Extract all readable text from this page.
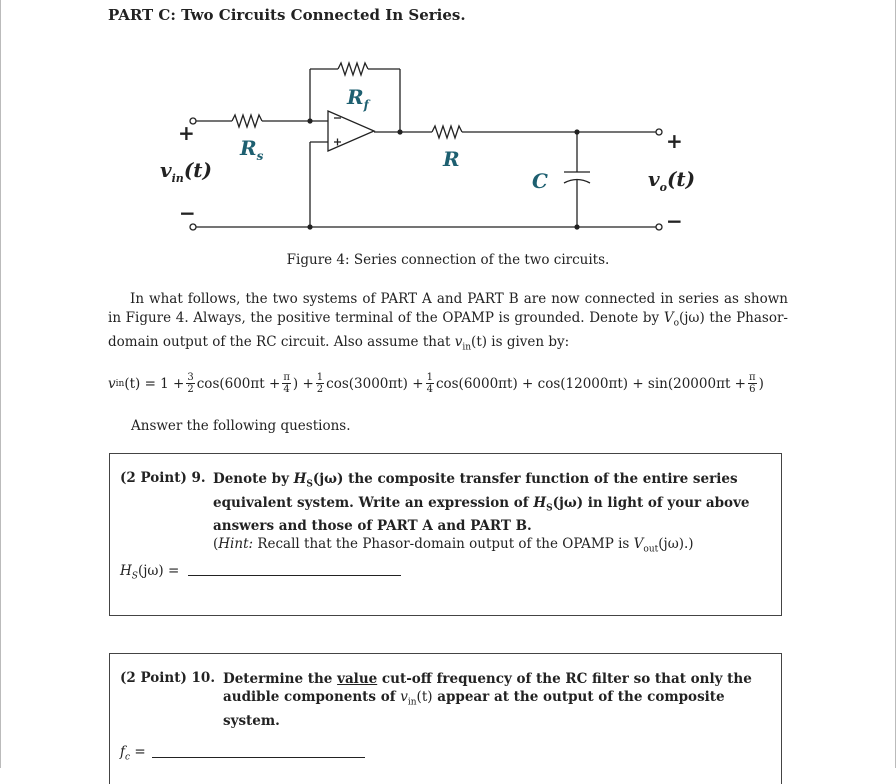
PART C: Two Circuits Connected In Series.
$R_f$
$R_s$	R
C
$v_{in}(t)$	$v_o(t)$
+
−
+
−
Figure 4: Series connection of the two circuits.
In what follows, the two systems of PART A and PART B are now connected in series as shown in Figure 4. Always, the positive terminal of the OPAMP is grounded. Denote by $V_o(j\omega)$ the Phasor-domain output of the RC circuit. Also assume that $v_{in}(t)$ is given by:
v in $(t) = 1 + \frac{3}{2} \cos(600\pi t + \frac{\pi}{4}$ ) + $\frac{1}{2} \cos(3000\pi t) + \frac{1}{4} \cos(6000\pi t) + \cos(12000\pi t) + \sin(20000\pi t + \frac{\pi}{6}$ )
Answer the following questions.
(2 Point) 9. Denote by $H_S(j\omega)$ the composite transfer function of the entire series equivalent system. Write an expression of $H_S(j\omega)$ in light of your above answers and those of PART A and PART B.
(Hint: Recall that the Phasor-domain output of the OPAMP is $V_{out}(j\omega)$.)
$H_S(j\omega)$ =
(2 Point) 10. Determine the value cut-off frequency of the RC filter so that only the audible components of $v_{in}(t)$ appear at the output of the composite system.
$f_c$ =
